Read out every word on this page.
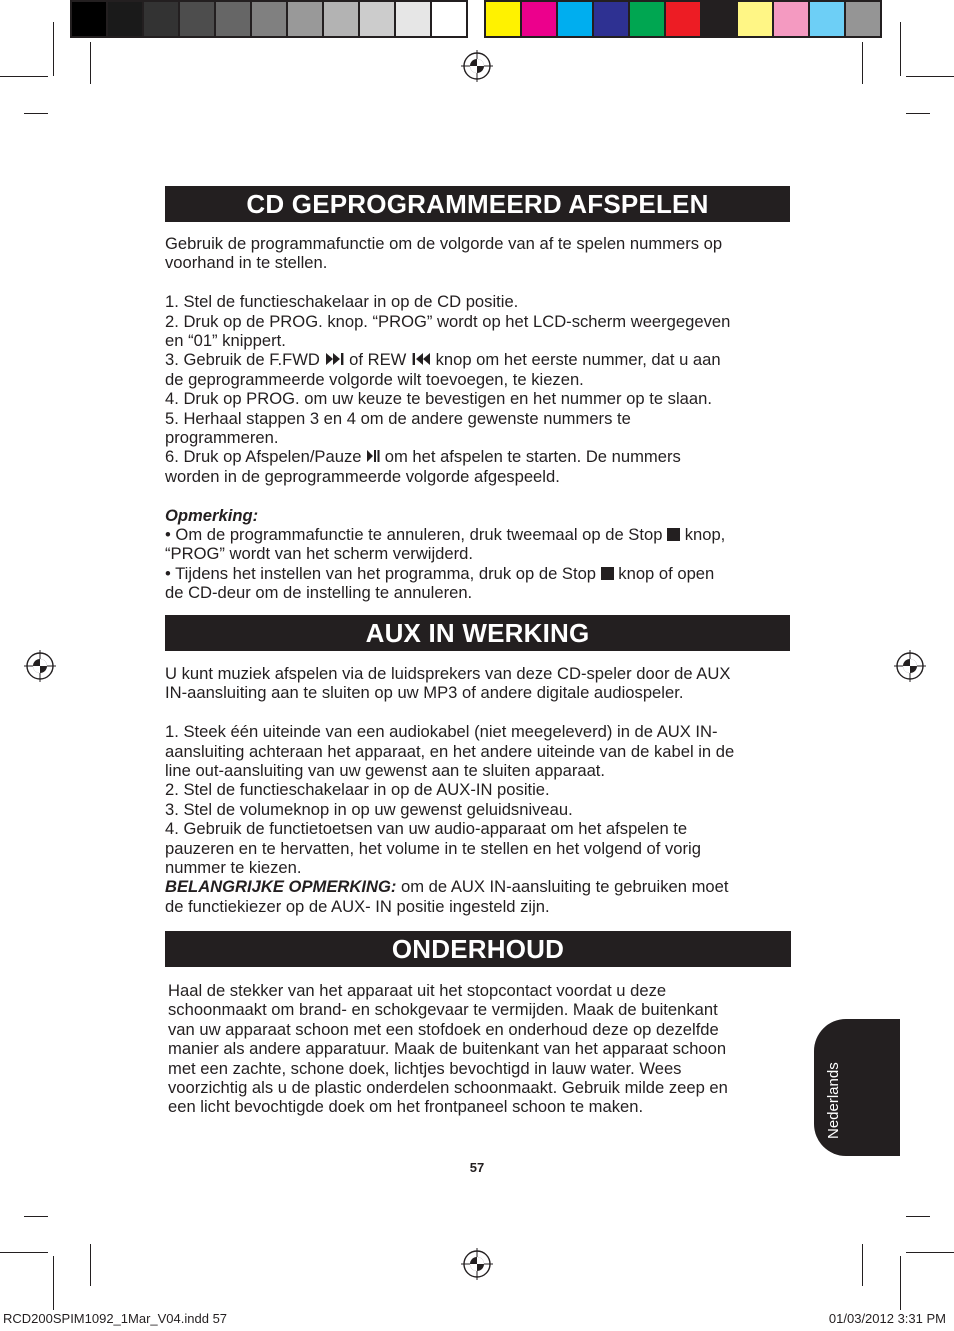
CD GEPROGRAMMEERD AFSPELEN

Gebruik de programmafunctie om de volgorde van af te spelen nummers op

voorhand in te stellen.

1. Stel de functieschakelaar in op de CD positie.

2. Druk op de PROG. knop. “PROG” wordt op het LCD-scherm weergegeven

en “01” knippert.

3. Gebruik de F.FWD of REW knop om het eerste nummer, dat u aan

de geprogrammeerde volgorde wilt toevoegen, te kiezen.

4. Druk op PROG. om uw keuze te bevestigen en het nummer op te slaan.

5. Herhaal stappen 3 en 4 om de andere gewenste nummers te

programmeren.

6. Druk op Afspelen/Pauze om het afspelen te starten. De nummers

worden in de geprogrammeerde volgorde afgespeeld.

Opmerking:

• Om de programmafunctie te annuleren, druk tweemaal op de Stop knop,

“PROG” wordt van het scherm verwijderd.

• Tijdens het instellen van het programma, druk op de Stop knop of open

de CD-deur om de instelling te annuleren.

AUX IN WERKING

U kunt muziek afspelen via de luidsprekers van deze CD-speler door de AUX

IN-aansluiting aan te sluiten op uw MP3 of andere digitale audiospeler.

1. Steek één uiteinde van een audiokabel (niet meegeleverd) in de AUX IN-

aansluiting achteraan het apparaat, en het andere uiteinde van de kabel in de

line out-aansluiting van uw gewenst aan te sluiten apparaat.

2. Stel de functieschakelaar in op de AUX-IN positie.

3. Stel de volumeknop in op uw gewenst geluidsniveau.

4. Gebruik de functietoetsen van uw audio-apparaat om het afspelen te

pauzeren en te hervatten, het volume in te stellen en het volgend of vorig

nummer te kiezen.

BELANGRIJKE OPMERKING: om de AUX IN-aansluiting te gebruiken moet

de functiekiezer op de AUX- IN positie ingesteld zijn.

ONDERHOUD

Haal de stekker van het apparaat uit het stopcontact voordat u deze

schoonmaakt om brand- en schokgevaar te vermijden. Maak de buitenkant

van uw apparaat schoon met een stofdoek en onderhoud deze op dezelfde

manier als andere apparatuur. Maak de buitenkant van het apparaat schoon

met een zachte, schone doek, lichtjes bevochtigd in lauw water. Wees

voorzichtig als u de plastic onderdelen schoonmaakt. Gebruik milde zeep en

een licht bevochtigde doek om het frontpaneel schoon te maken.	Nederlands
57
RCD200SPIM1092_1Mar_V04.indd 57	01/03/2012 3:31 PM
